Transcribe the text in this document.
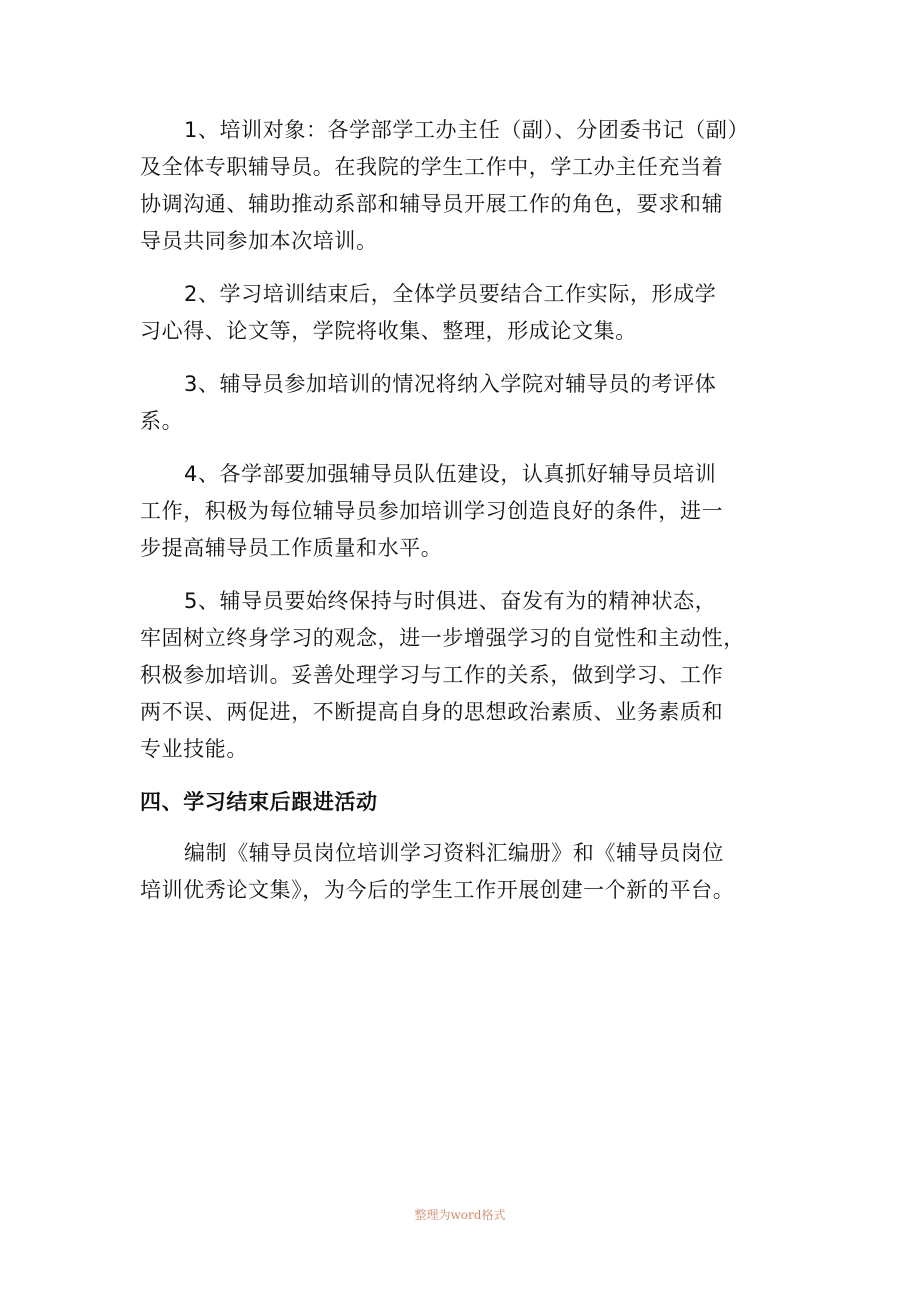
1、培训对象：各学部学工办主任（副）、分团委书记（副）
及全体专职辅导员。在我院的学生工作中，学工办主任充当着
协调沟通、辅助推动系部和辅导员开展工作的角色，要求和辅
导员共同参加本次培训。

2、学习培训结束后，全体学员要结合工作实际，形成学
习心得、论文等，学院将收集、整理，形成论文集。

3、辅导员参加培训的情况将纳入学院对辅导员的考评体
系。

4、各学部要加强辅导员队伍建设，认真抓好辅导员培训
工作，积极为每位辅导员参加培训学习创造良好的条件，进一
步提高辅导员工作质量和水平。

5、辅导员要始终保持与时俱进、奋发有为的精神状态，
牢固树立终身学习的观念，进一步增强学习的自觉性和主动性，
积极参加培训。妥善处理学习与工作的关系，做到学习、工作
两不误、两促进，不断提高自身的思想政治素质、业务素质和
专业技能。

四、学习结束后跟进活动

编制《辅导员岗位培训学习资料汇编册》和《辅导员岗位
培训优秀论文集》，为今后的学生工作开展创建一个新的平台。

整理为word格式
